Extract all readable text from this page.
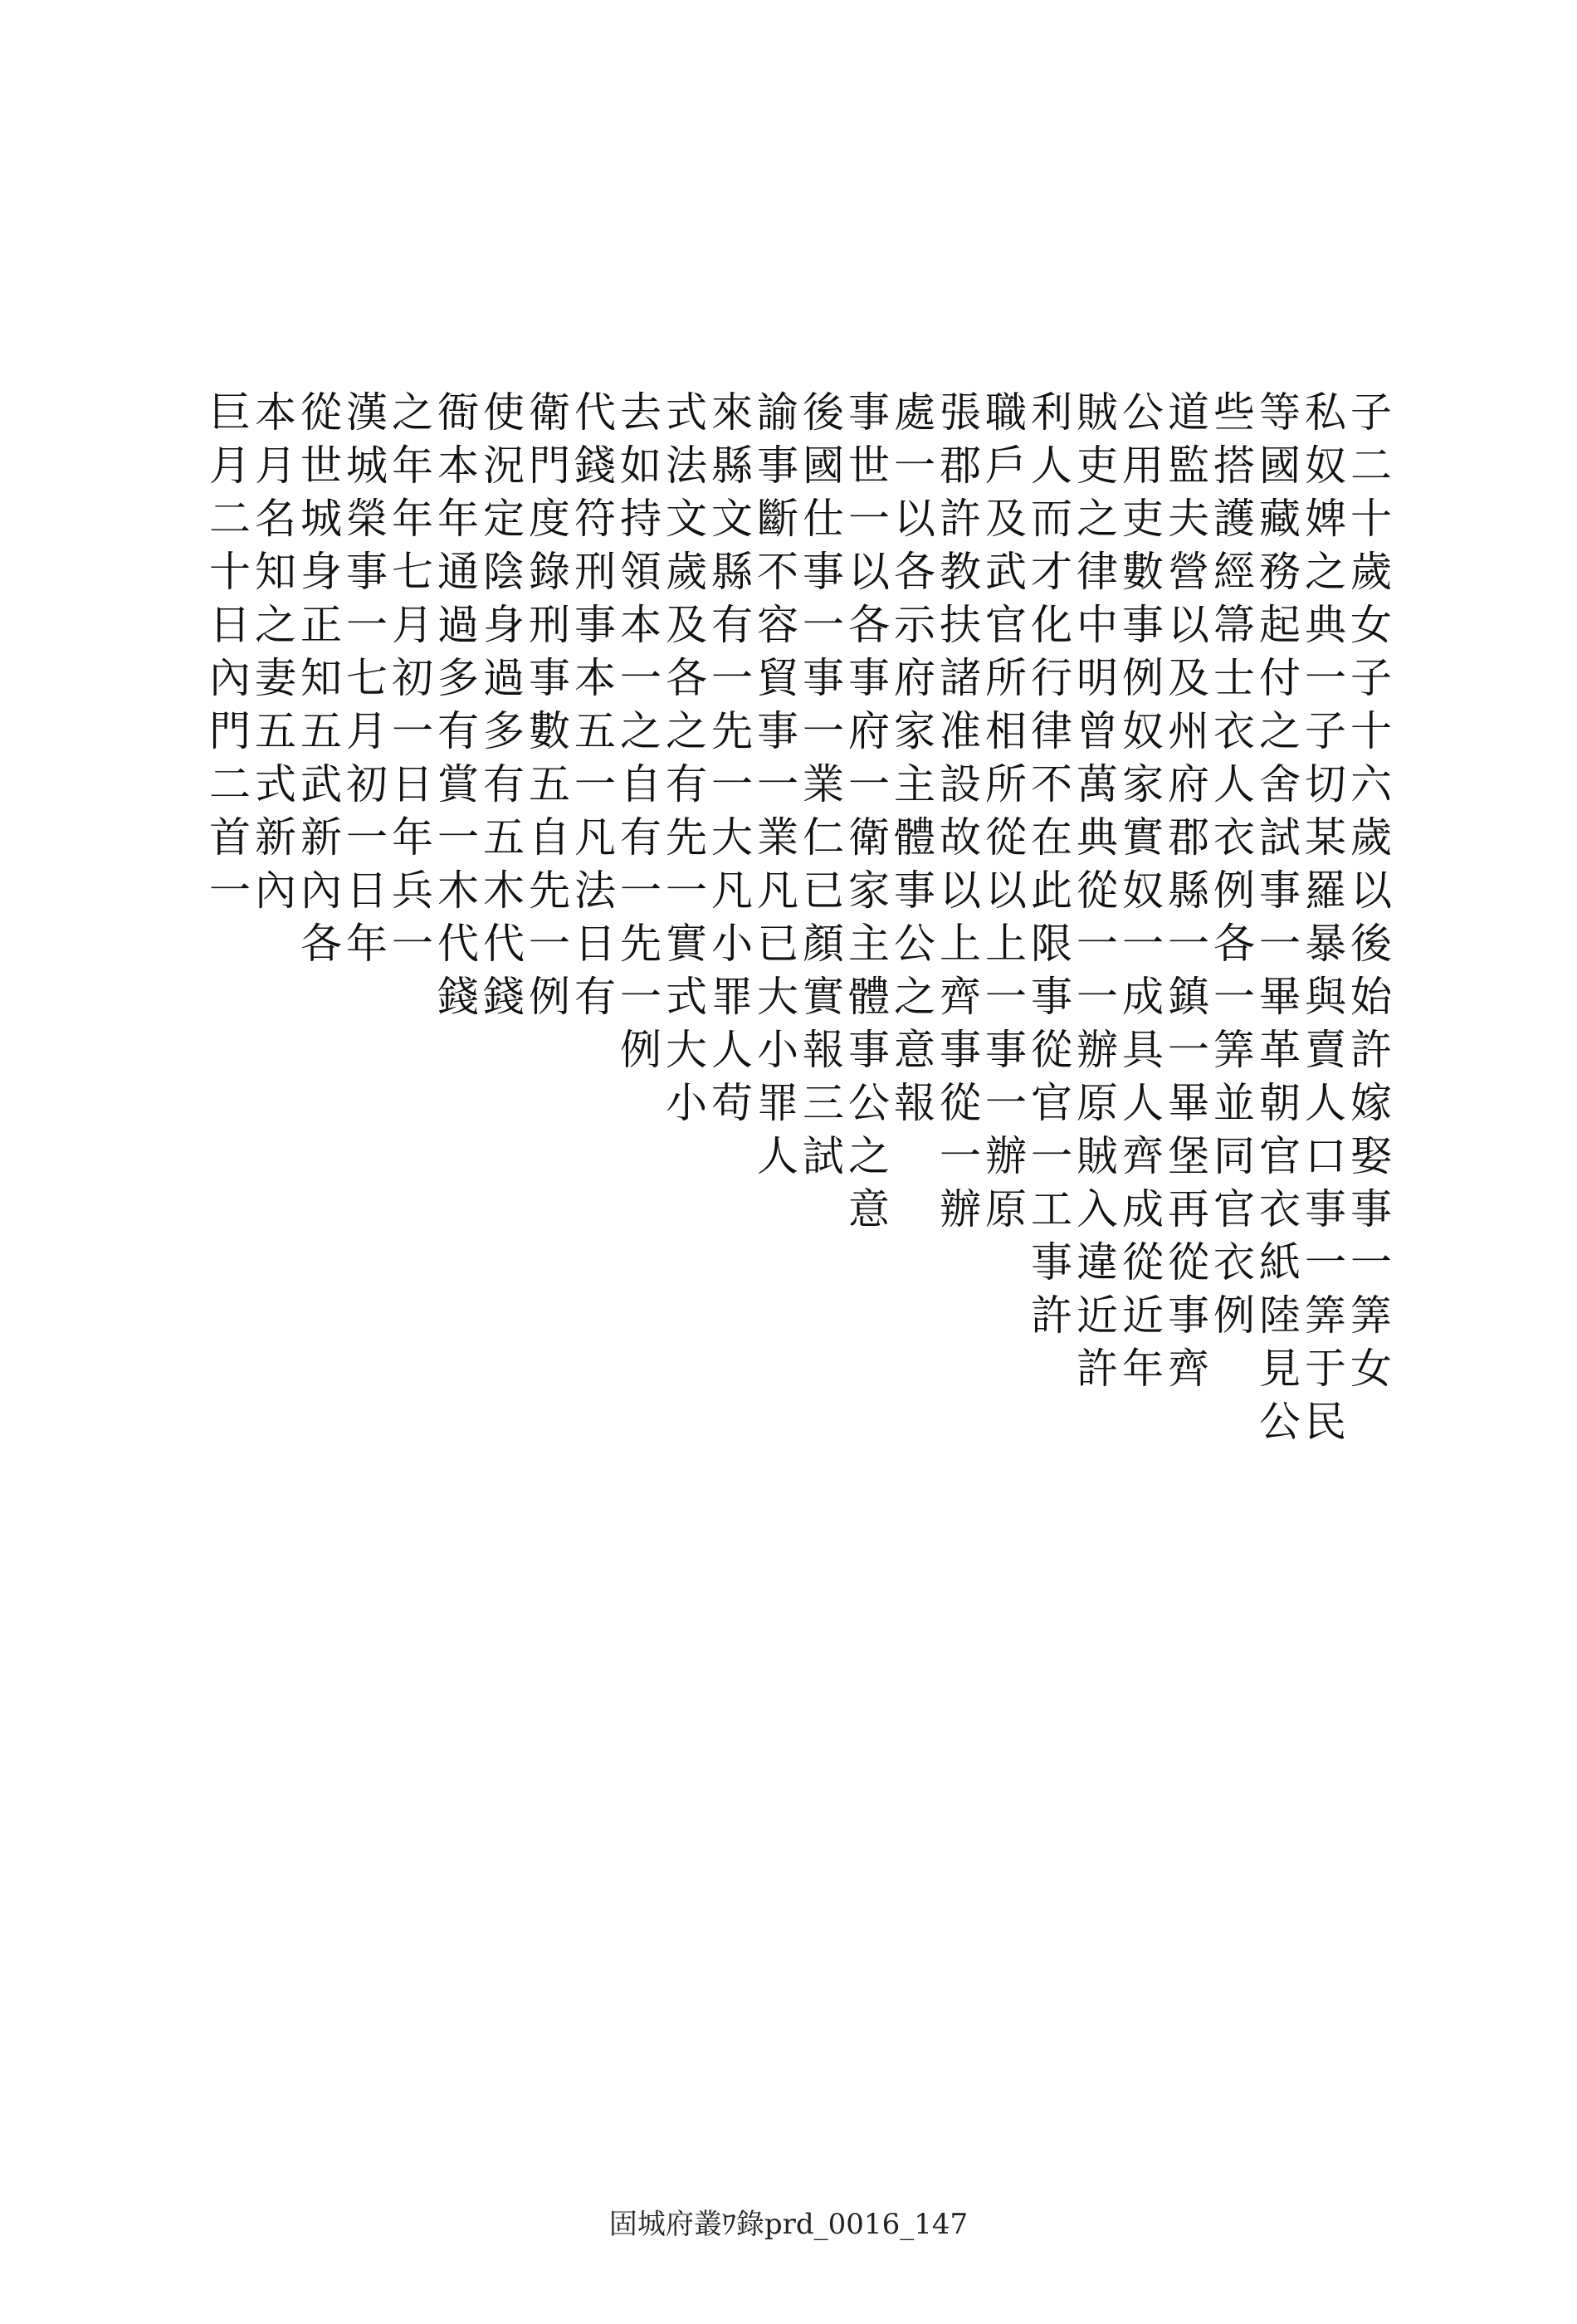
子二十歲女子十六歲以後始許嫁娶事一筭女
私奴婢之典一子切某羅暴與賣人口事一筭于民
等國藏務起付之舍試事一畢革朝官衣紙陸見公
些搭護經箒士衣人衣例各一筭並同官衣例
道監夫營以及州府郡縣一鎮一畢堡再從事齊
公用吏數事例奴家實奴一成具人齊成從近年
賊吏之律中明曾萬典從一一辦原賊入違近許
利人而才化行律不在此限事從官一工事許
職戶及武官所相所從以上一事一辦原
張郡許教扶諸准設故以上齊事從一辦
處一以各示府家主體事公之意報
事世一以各事府一衛家主體事公之意
後國仕事一事一業仁已顏實報三試
諭事斷不容貿事一業凡已大小罪人
來縣文縣有一先一大凡小罪人苟
式法文歲及各之有先一實式大小
去如持領本一之自有一先一例
代錢符刑事本五一凡法日有
衛門度錄刑事數五自先一例
使況定陰身過多有五木代錢
衙本年通過多有賞一木代錢
之年年七月初一日年兵一
漢城榮事一七月初一日年
從世城身正知五武新內各
本月名知之妻五式新內
巨月二十日內門二首一
固城府叢ﾜ錄prd_0016_147
